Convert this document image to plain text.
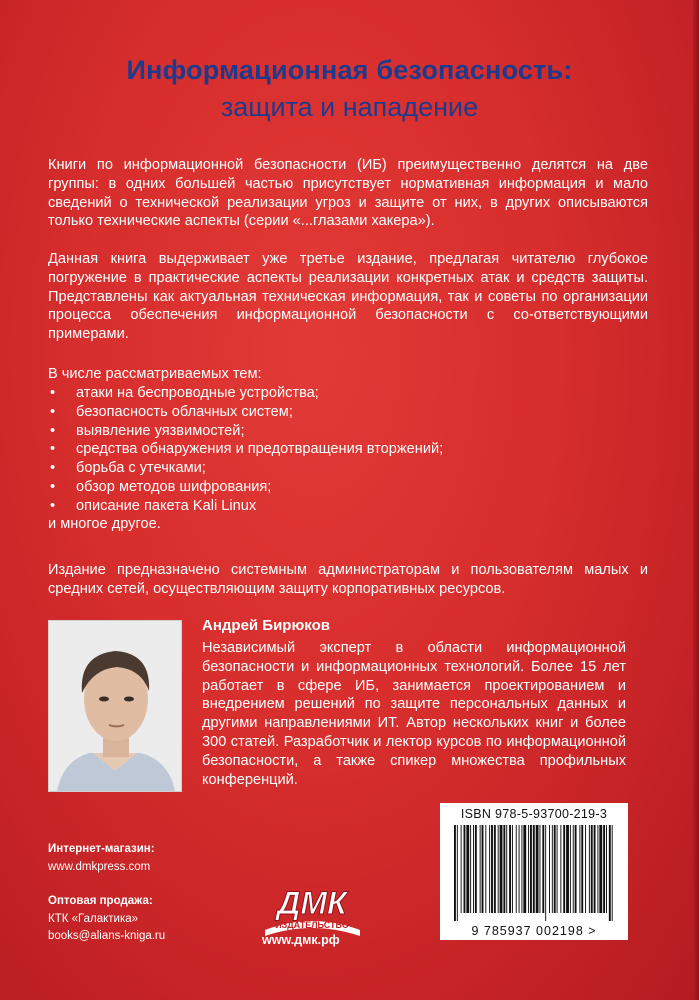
Информационная безопасность:
защита и нападение

Книги по информационной безопасности (ИБ) преимущественно делятся на две группы: в одних большей частью присутствует нормативная информация и мало сведений о технической реализации угроз и защите от них, в других описываются только технические аспекты (серии «...глазами хакера»).

Данная книга выдерживает уже третье издание, предлагая читателю глубокое погружение в практические аспекты реализации конкретных атак и средств защиты. Представлены как актуальная техническая информация, так и советы по организации процесса обеспечения информационной безопасности с со-ответствующими примерами.

В числе рассматриваемых тем:
• атаки на беспроводные устройства;
• безопасность облачных систем;
• выявление уязвимостей;
• средства обнаружения и предотвращения вторжений;
• борьба с утечками;
• обзор методов шифрования;
• описание пакета Kali Linux
и многое другое.

Издание предназначено системным администраторам и пользователям малых и средних сетей, осуществляющим защиту корпоративных ресурсов.

Андрей Бирюков

Независимый эксперт в области информационной безопасности и информационных технологий. Более 15 лет работает в сфере ИБ, занимается проектированием и внедрением решений по защите персональных данных и другими направлениями ИТ. Автор нескольких книг и более 300 статей. Разработчик и лектор курсов по информационной безопасности, а также спикер множества профильных конференций.

Интернет-магазин:
www.dmkpress.com
Оптовая продажа:
КТК «Галактика»
books@alians-kniga.ru
ДМК
ИЗДАТЕЛЬСТВО
www.дмк.рф
ISBN 978-5-93700-219-3
9 785937 002198 >
